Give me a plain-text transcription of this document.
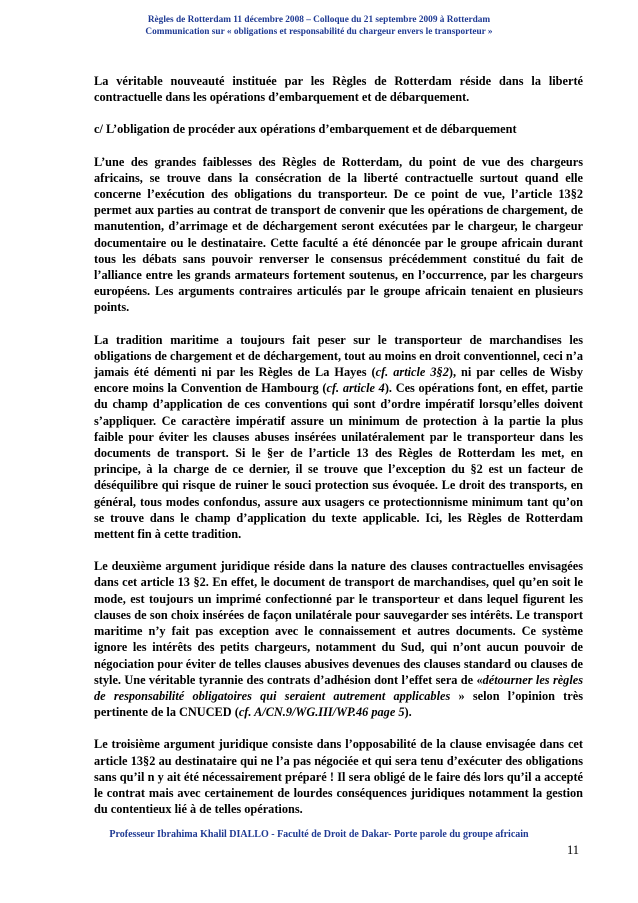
Règles de Rotterdam 11 décembre 2008 – Colloque du 21 septembre 2009 à Rotterdam
Communication sur « obligations et responsabilité du chargeur envers le transporteur »

La véritable nouveauté instituée par les Règles de Rotterdam réside dans la liberté contractuelle dans les opérations d’embarquement et de débarquement.

c/ L’obligation de procéder aux opérations d’embarquement et de débarquement

L’une des grandes faiblesses des Règles de Rotterdam, du point de vue des chargeurs africains, se trouve dans la consécration de la liberté contractuelle surtout quand elle concerne l’exécution des obligations du transporteur. De ce point de vue, l’article 13§2 permet aux parties au contrat de transport de convenir que les opérations de chargement, de manutention, d’arrimage et de déchargement seront exécutées par le chargeur, le chargeur documentaire ou le destinataire. Cette faculté a été dénoncée par le groupe africain durant tous les débats sans pouvoir renverser le consensus précédemment constitué du fait de l’alliance entre les grands armateurs fortement soutenus, en l’occurrence, par les chargeurs européens. Les arguments contraires articulés par le groupe africain tenaient en plusieurs points.

La tradition maritime a toujours fait peser sur le transporteur de marchandises les obligations de chargement et de déchargement, tout au moins en droit conventionnel, ceci n’a jamais été démenti ni par les Règles de La Hayes (cf. article 3§2), ni par celles de Wisby encore moins la Convention de Hambourg (cf. article 4). Ces opérations font, en effet, partie du champ d’application de ces conventions qui sont d’ordre impératif lorsqu’elles doivent s’appliquer. Ce caractère impératif assure un minimum de protection à la partie la plus faible pour éviter les clauses abuses insérées unilatéralement par le transporteur dans les documents de transport. Si le §er de l’article 13 des Règles de Rotterdam les met, en principe, à la charge de ce dernier, il se trouve que l’exception du §2 est un facteur de déséquilibre qui risque de ruiner le souci protection sus évoquée. Le droit des transports, en général, tous modes confondus, assure aux usagers ce protectionnisme minimum tant qu’on se trouve dans le champ d’application du texte applicable. Ici, les Règles de Rotterdam mettent fin à cette tradition.

Le deuxième argument juridique réside dans la nature des clauses contractuelles envisagées dans cet article 13 §2. En effet, le document de transport de marchandises, quel qu’en soit le mode, est toujours un imprimé confectionné par le transporteur et dans lequel figurent les clauses de son choix insérées de façon unilatérale pour sauvegarder ses intérêts. Le transport maritime n’y fait pas exception avec le connaissement et autres documents. Ce système ignore les intérêts des petits chargeurs, notamment du Sud, qui n’ont aucun pouvoir de négociation pour éviter de telles clauses abusives devenues des clauses standard ou clauses de style. Une véritable tyrannie des contrats d’adhésion dont l’effet sera de «détourner les règles de responsabilité obligatoires qui seraient autrement applicables » selon l’opinion très pertinente de la CNUCED (cf. A/CN.9/WG.III/WP.46 page 5).

Le troisième argument juridique consiste dans l’opposabilité de la clause envisagée dans cet article 13§2 au destinataire qui ne l’a pas négociée et qui sera tenu d’exécuter des obligations sans qu’il n y ait été nécessairement préparé ! Il sera obligé de le faire dés lors qu’il a accepté le contrat mais avec certainement de lourdes conséquences juridiques notamment la gestion du contentieux lié à de telles opérations.

Professeur Ibrahima Khalil DIALLO - Faculté de Droit de Dakar- Porte parole du groupe africain
11
